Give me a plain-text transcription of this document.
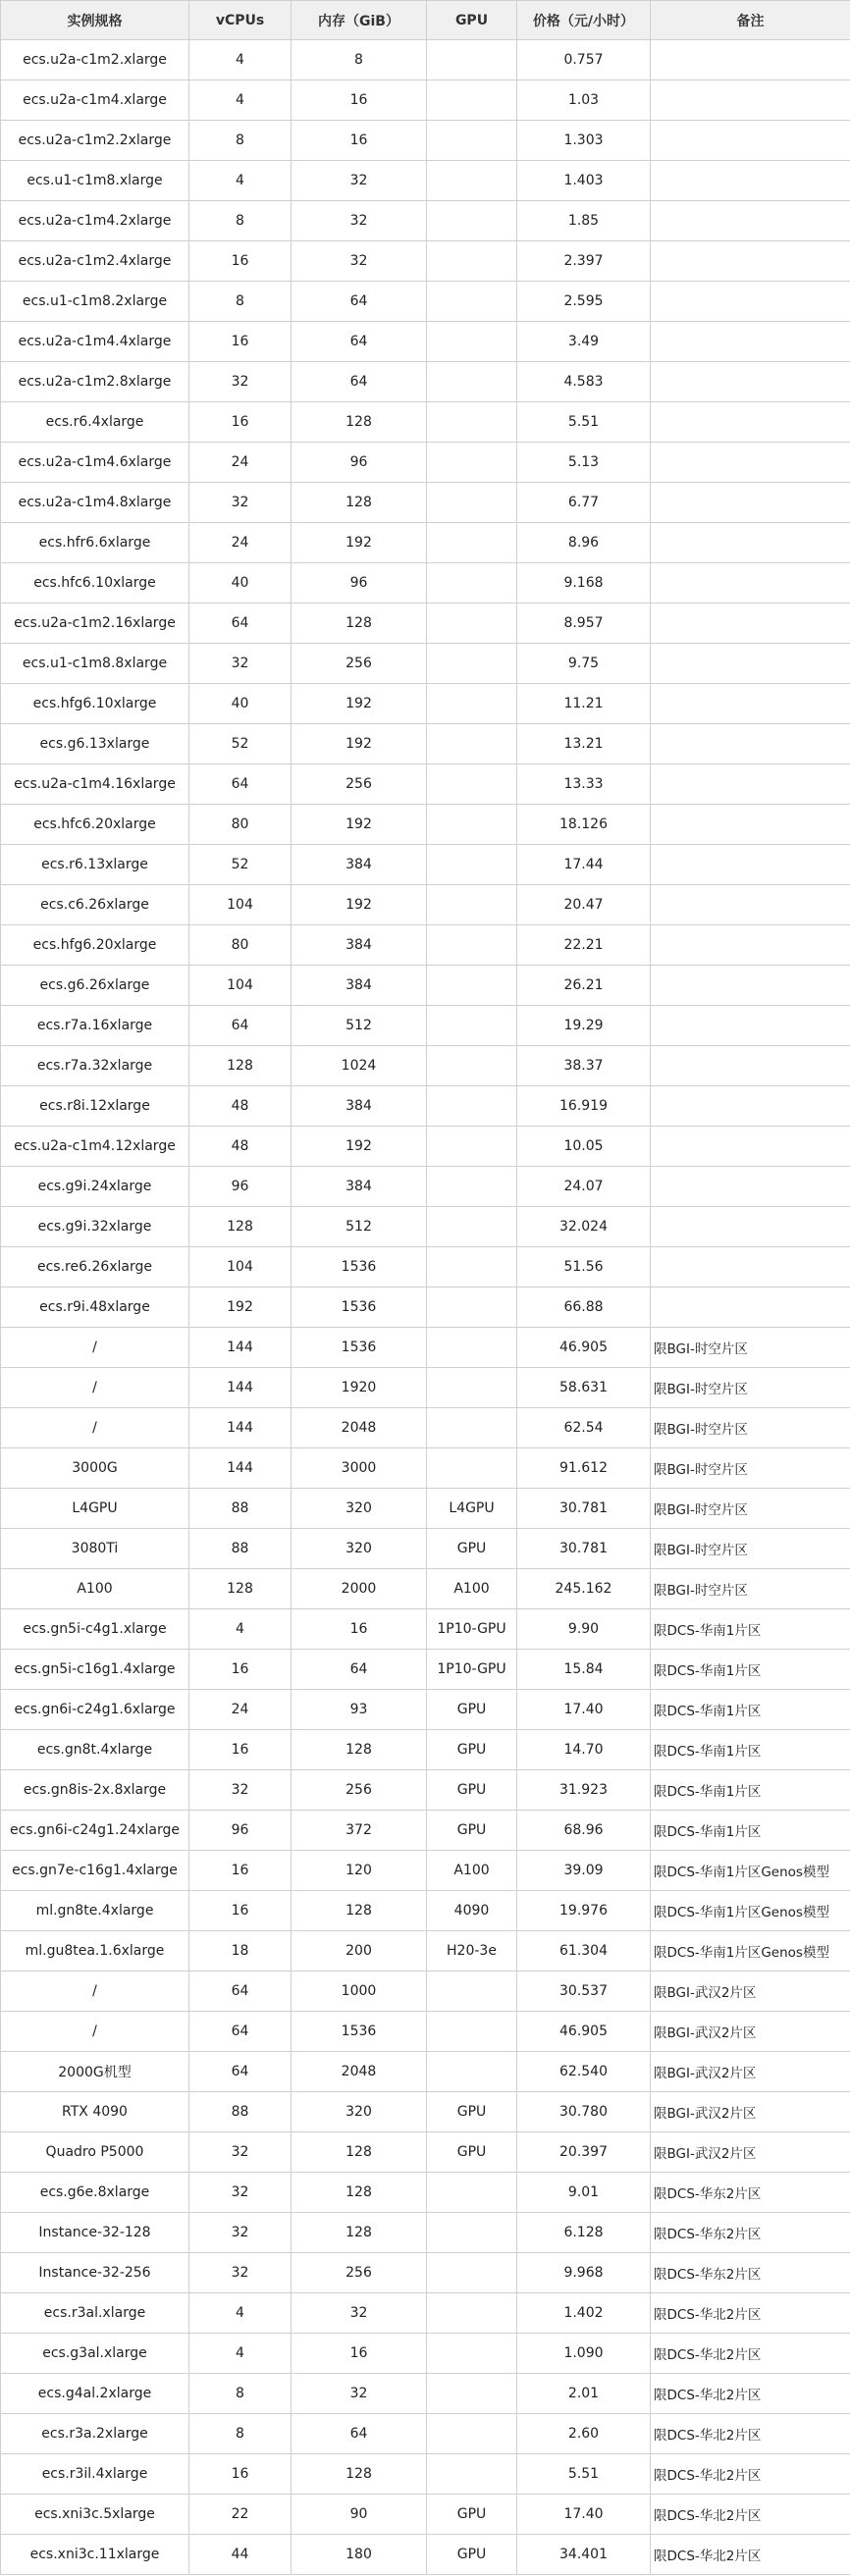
实例规格	vCPUs	内存（GiB）	GPU	价格（元/小时）	备注
ecs.u2a-c1m2.xlarge	4	8		0.757	
ecs.u2a-c1m4.xlarge	4	16		1.03	
ecs.u2a-c1m2.2xlarge	8	16		1.303	
ecs.u1-c1m8.xlarge	4	32		1.403	
ecs.u2a-c1m4.2xlarge	8	32		1.85	
ecs.u2a-c1m2.4xlarge	16	32		2.397	
ecs.u1-c1m8.2xlarge	8	64		2.595	
ecs.u2a-c1m4.4xlarge	16	64		3.49	
ecs.u2a-c1m2.8xlarge	32	64		4.583	
ecs.r6.4xlarge	16	128		5.51	
ecs.u2a-c1m4.6xlarge	24	96		5.13	
ecs.u2a-c1m4.8xlarge	32	128		6.77	
ecs.hfr6.6xlarge	24	192		8.96	
ecs.hfc6.10xlarge	40	96		9.168	
ecs.u2a-c1m2.16xlarge	64	128		8.957	
ecs.u1-c1m8.8xlarge	32	256		9.75	
ecs.hfg6.10xlarge	40	192		11.21	
ecs.g6.13xlarge	52	192		13.21	
ecs.u2a-c1m4.16xlarge	64	256		13.33	
ecs.hfc6.20xlarge	80	192		18.126	
ecs.r6.13xlarge	52	384		17.44	
ecs.c6.26xlarge	104	192		20.47	
ecs.hfg6.20xlarge	80	384		22.21	
ecs.g6.26xlarge	104	384		26.21	
ecs.r7a.16xlarge	64	512		19.29	
ecs.r7a.32xlarge	128	1024		38.37	
ecs.r8i.12xlarge	48	384		16.919	
ecs.u2a-c1m4.12xlarge	48	192		10.05	
ecs.g9i.24xlarge	96	384		24.07	
ecs.g9i.32xlarge	128	512		32.024	
ecs.re6.26xlarge	104	1536		51.56	
ecs.r9i.48xlarge	192	1536		66.88	
/	144	1536		46.905	限BGI-时空片区
/	144	1920		58.631	限BGI-时空片区
/	144	2048		62.54	限BGI-时空片区
3000G	144	3000		91.612	限BGI-时空片区
L4GPU	88	320	L4GPU	30.781	限BGI-时空片区
3080Ti	88	320	GPU	30.781	限BGI-时空片区
A100	128	2000	A100	245.162	限BGI-时空片区
ecs.gn5i-c4g1.xlarge	4	16	1P10-GPU	9.90	限DCS-华南1片区
ecs.gn5i-c16g1.4xlarge	16	64	1P10-GPU	15.84	限DCS-华南1片区
ecs.gn6i-c24g1.6xlarge	24	93	GPU	17.40	限DCS-华南1片区
ecs.gn8t.4xlarge	16	128	GPU	14.70	限DCS-华南1片区
ecs.gn8is-2x.8xlarge	32	256	GPU	31.923	限DCS-华南1片区
ecs.gn6i-c24g1.24xlarge	96	372	GPU	68.96	限DCS-华南1片区
ecs.gn7e-c16g1.4xlarge	16	120	A100	39.09	限DCS-华南1片区Genos模型
ml.gn8te.4xlarge	16	128	4090	19.976	限DCS-华南1片区Genos模型
ml.gu8tea.1.6xlarge	18	200	H20-3e	61.304	限DCS-华南1片区Genos模型
/	64	1000		30.537	限BGI-武汉2片区
/	64	1536		46.905	限BGI-武汉2片区
2000G机型	64	2048		62.540	限BGI-武汉2片区
RTX 4090	88	320	GPU	30.780	限BGI-武汉2片区
Quadro P5000	32	128	GPU	20.397	限BGI-武汉2片区
ecs.g6e.8xlarge	32	128		9.01	限DCS-华东2片区
Instance-32-128	32	128		6.128	限DCS-华东2片区
Instance-32-256	32	256		9.968	限DCS-华东2片区
ecs.r3al.xlarge	4	32		1.402	限DCS-华北2片区
ecs.g3al.xlarge	4	16		1.090	限DCS-华北2片区
ecs.g4al.2xlarge	8	32		2.01	限DCS-华北2片区
ecs.r3a.2xlarge	8	64		2.60	限DCS-华北2片区
ecs.r3il.4xlarge	16	128		5.51	限DCS-华北2片区
ecs.xni3c.5xlarge	22	90	GPU	17.40	限DCS-华北2片区
ecs.xni3c.11xlarge	44	180	GPU	34.401	限DCS-华北2片区
